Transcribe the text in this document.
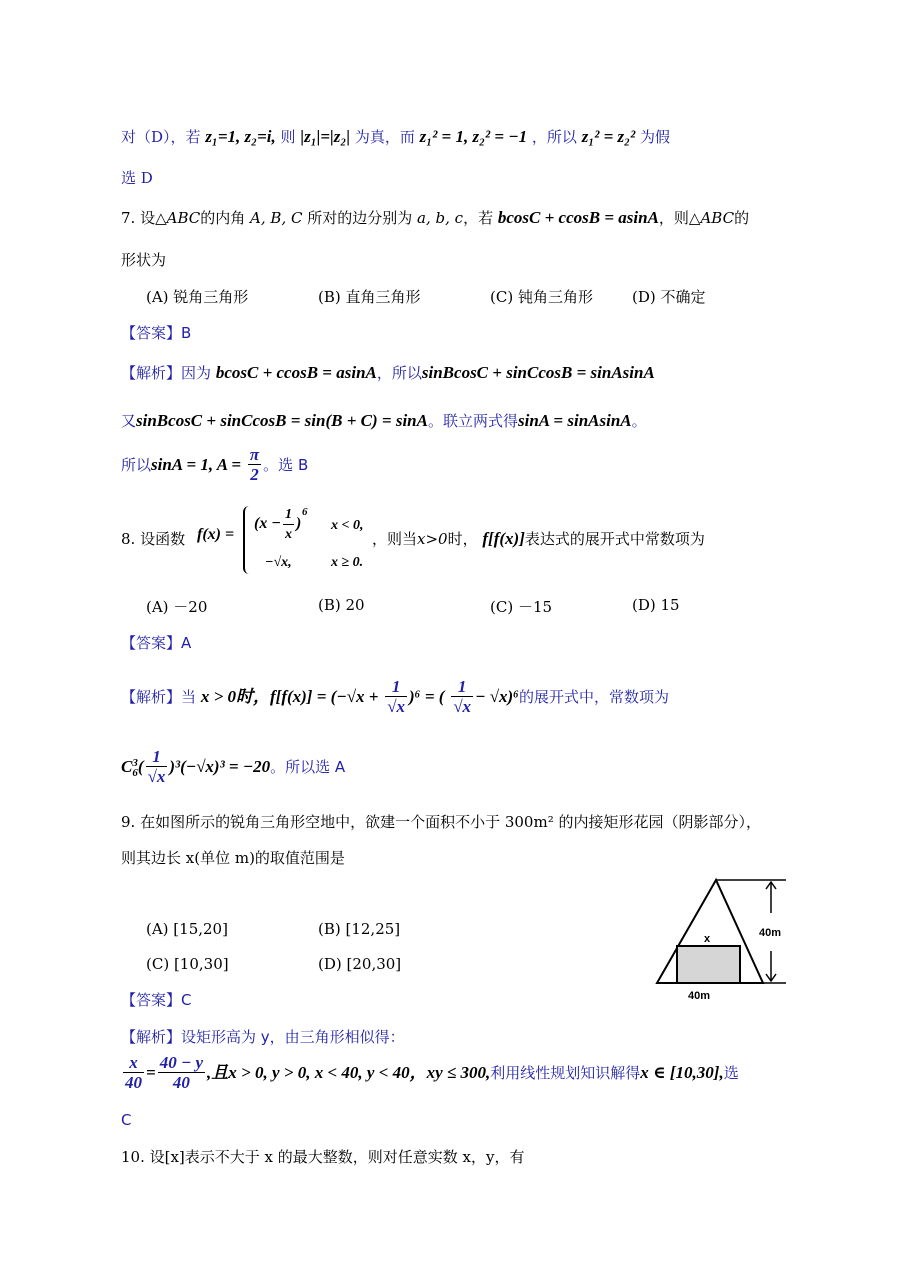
对（D），若 z₁=1, z₂=i, 则 |z₁|=|z₂| 为真，而 z₁² = 1, z₂² = −1 ，所以 z₁² = z₂² 为假
选 D
7. 设△ABC的内角 A, B, C 所对的边分别为 a, b, c，若 bcosC + ccosB = asinA，则△ABC的
形状为
(A) 锐角三角形	(B) 直角三角形	(C) 钝角三角形	(D) 不确定
【答案】B
【解析】因为 bcosC + ccosB = asinA，所以sinBcosC + sinCcosB = sinAsinA
又sinBcosC + sinCcosB = sin(B + C) = sinA。联立两式得sinA = sinAsinA。
所以sinA = 1, $A = \frac{\pi}{2}$ 。选 B
8. 设函数 f(x) =
($x - \frac{1}{x}$ )
6
x < 0,
−√x,	x ≥ 0.
，则当x>0时， f[f(x)]表达式的展开式中常数项为
(A) －20	(B) 20	(C) －15	(D) 15
【答案】A
【解析】当 x > 0时，$f[f(x)] = (-√x + \frac{1}{√x} )^6$ = ( $\frac{1}{√x} - √x)^6$的展开式中，常数项为
C 3
6 ( $\frac{1}{√x} )^3(-√x)^3 = -20$。所以选 A
9. 在如图所示的锐角三角形空地中，欲建一个面积不小于 300m² 的内接矩形花园（阴影部分），
则其边长 x(单位 m)的取值范围是
(A) [15,20]	(B) [12,25]
(C) [10,30]	(D) [20,30]
x	40m
40m
【答案】C
【解析】设矩形高为 y，由三角形相似得：
$\frac{x}{40} = \frac{40 - y}{40}$ ,且x > 0, y > 0, x < 40, y < 40，xy ≤ 300,利用线性规划知识解得x ∈ [10,30],选
C
10. 设[x]表示不大于 x 的最大整数，则对任意实数 x，y，有
